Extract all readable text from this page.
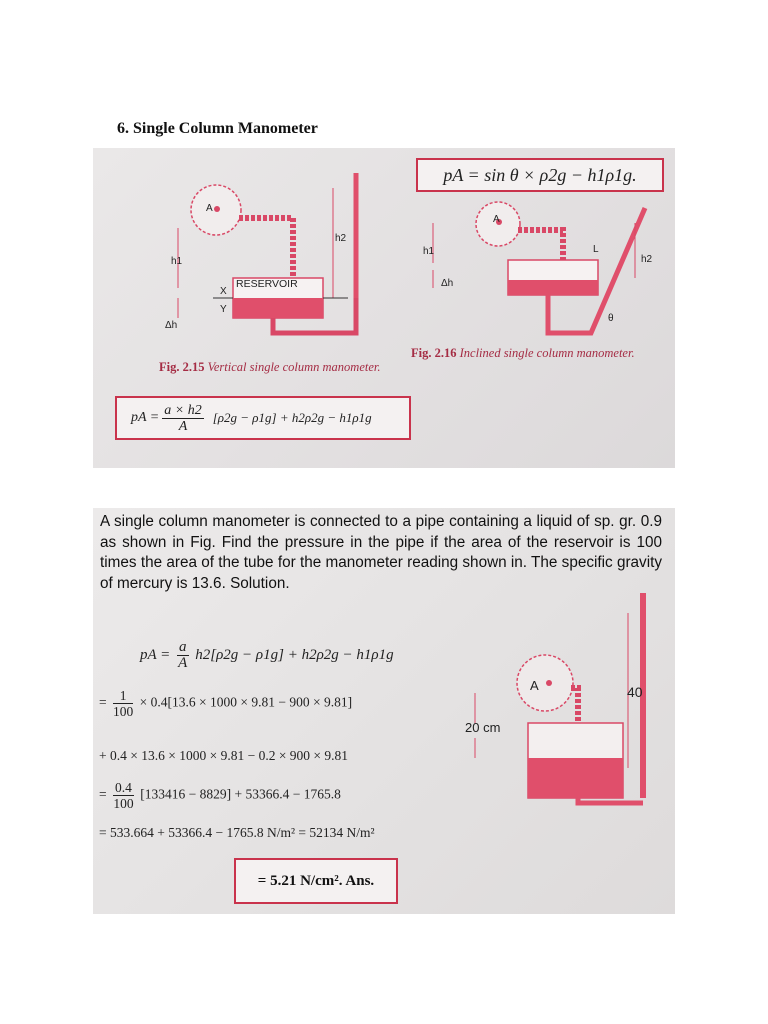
6. Single Column Manometer
pA = sin θ × ρ2g − h1ρ1g.
A
h1
h2
Δh
X
Y
RESERVOIR
A
h1
h2
Δh
L
θ
Fig. 2.15 Vertical single column manometer.
Fig. 2.16 Inclined single column manometer.
pA = $\frac{a \times h2}{A} [\rho 2g - \rho 1g] + h2\rho 2g - h1\rho 1g$
A	40
20 cm
A single column manometer is connected to a pipe containing a liquid of sp. gr. 0.9 as shown in Fig. Find the pressure in the pipe if the area of the reservoir is 100 times the area of the tube for the manometer reading shown in. The specific gravity of mercury is 13.6. Solution.
pA = $\frac{a}{A} h2[\rho 2g - \rho 1g] + h2\rho 2g - h1\rho 1g$
= $\frac{1}{100} \times 0.4[13.6 \times 1000 \times 9.81 - 900 \times 9.81]$
+ 0.4 × 13.6 × 1000 × 9.81 − 0.2 × 900 × 9.81
= $\frac{0.4}{100} [133416 - 8829] + 53366.4 - 1765.8$
= 533.664 + 53366.4 − 1765.8 N/m² = 52134 N/m²
= 5.21 N/cm². Ans.
